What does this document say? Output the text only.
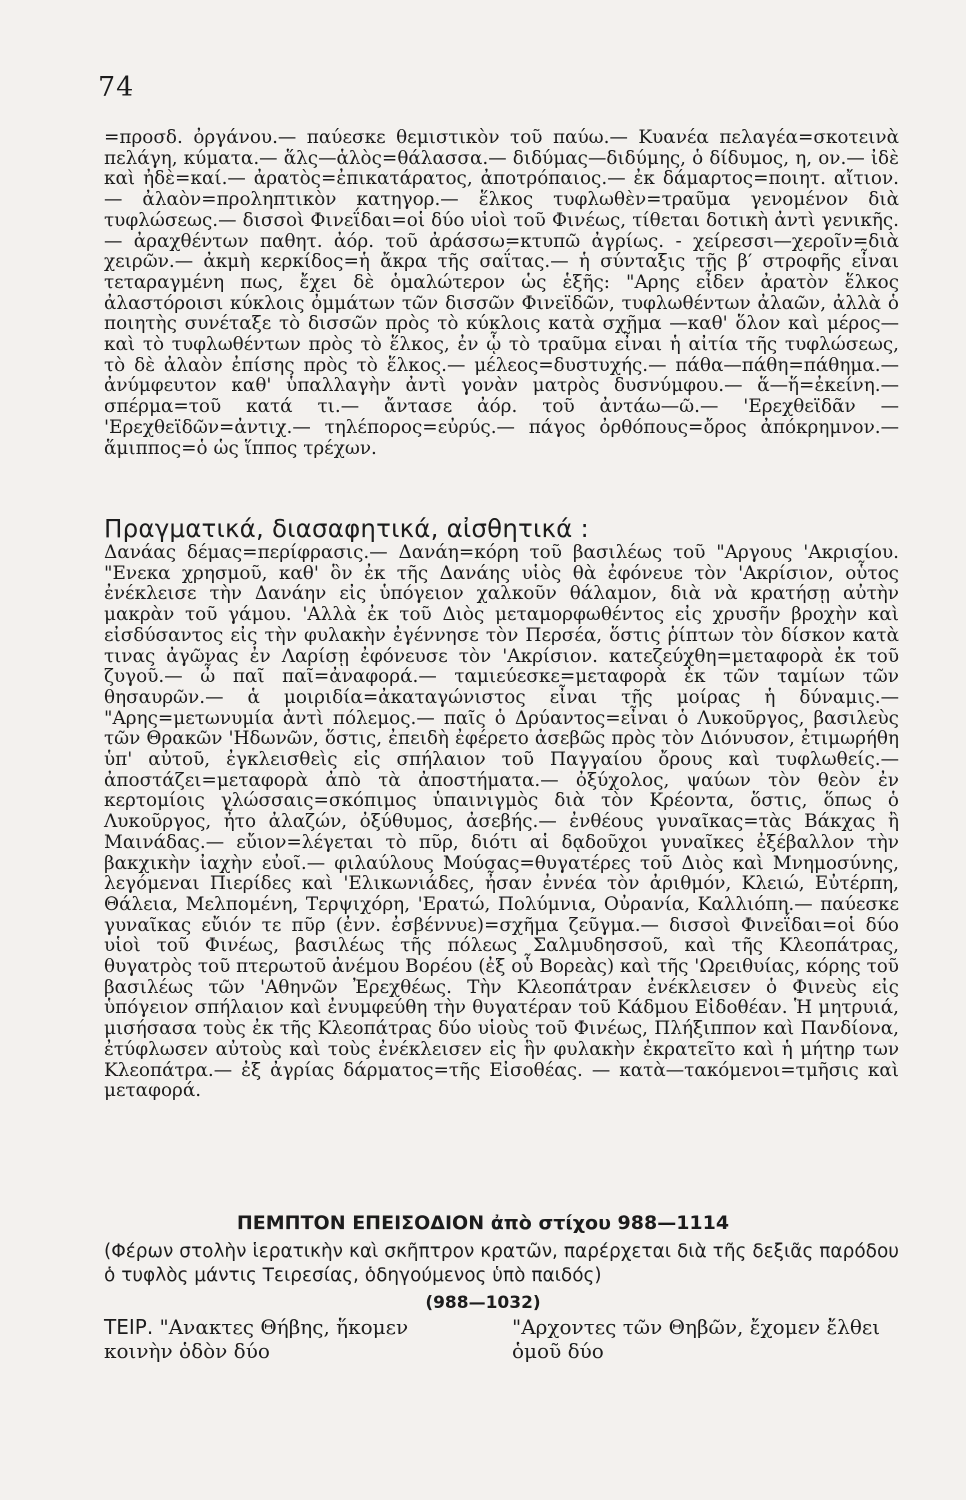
74

=προσδ. ὀργάνου.— παύεσκε θεμιστικὸν τοῦ παύω.— Κυανέα πελαγέα=σκοτεινὰ πελάγη, κύματα.— ἅλς—ἁλὸς=θάλασσα.— διδύμας—διδύμης, ὁ δίδυμος, η, ον.— ἰδὲ καὶ ἠδὲ=καί.— ἀρατὸς=ἐπικατάρατος, ἀποτρόπαιος.— ἐκ δάμαρτος=ποιητ. αἴτιον.— ἀλαὸν=προληπτικὸν κατηγορ.— ἕλκος τυφλωθὲν=τραῦμα γενομένον διὰ τυφλώσεως.— δισσοὶ Φινεΐδαι=οἱ δύο υἱοὶ τοῦ Φινέως, τίθεται δοτικὴ ἀντὶ γενικῆς.— ἀραχθέντων παθητ. ἀόρ. τοῦ ἀράσσω=κτυπῶ ἀγρίως. - χείρεσσι—χεροῖν=διὰ χειρῶν.— ἀκμὴ κερκίδος=ἡ ἄκρα τῆς σαΐτας.— ἡ σύνταξις τῆς β′ στροφῆς εἶναι τεταραγμένη πως, ἔχει δὲ ὁμαλώτερον ὡς ἑξῆς: "Αρης εἶδεν ἀρατὸν ἕλκος ἀλαστόροισι κύκλοις ὀμμάτων τῶν δισσῶν Φινεϊδῶν, τυφλωθέντων ἀλαῶν, ἀλλὰ ὁ ποιητὴς συνέταξε τὸ δισσῶν πρὸς τὸ κύκλοις κατὰ σχῆμα —καθ' ὅλον καὶ μέρος—καὶ τὸ τυφλωθέντων πρὸς τὸ ἕλκος, ἐν ᾧ τὸ τραῦμα εἶναι ἡ αἰτία τῆς τυφλώσεως, τὸ δὲ ἀλαὸν ἐπίσης πρὸς τὸ ἕλκος.— μέλεος=δυστυχής.— πάθα—πάθη=πάθημα.— ἀνύμφευτον καθ' ὑπαλλαγὴν ἀντὶ γονὰν ματρὸς δυσνύμφου.— ἅ—ἥ=ἐκείνη.— σπέρμα=τοῦ κατά τι.— ἄντασε ἀόρ. τοῦ ἀντάω—ῶ.— 'Ερεχθεϊδᾶν — 'Ερεχθεϊδῶν=ἀντιχ.— τηλέπορος=εὐρύς.— πάγος ὀρθόπους=ὄρος ἀπόκρημνον.—ἅμιππος=ὁ ὡς ἵππος τρέχων.

Πραγματικά, διασαφητικά, αἰσθητικά :

Δανάας δέμας=περίφρασις.— Δανάη=κόρη τοῦ βασιλέως τοῦ "Αργους 'Ακρισίου. "Ενεκα χρησμοῦ, καθ' ὃν ἐκ τῆς Δανάης υἱὸς θὰ ἐφόνευε τὸν 'Ακρίσιον, οὗτος ἐνέκλεισε τὴν Δανάην εἰς ὑπόγειον χαλκοῦν θάλαμον, διὰ νὰ κρατήσῃ αὐτὴν μακρὰν τοῦ γάμου. 'Αλλὰ ἐκ τοῦ Διὸς μεταμορφωθέντος εἰς χρυσῆν βροχὴν καὶ εἰσδύσαντος εἰς τὴν φυλακὴν ἐγέννησε τὸν Περσέα, ὅστις ῥίπτων τὸν δίσκον κατὰ τινας ἀγῶνας ἐν Λαρίσῃ ἐφόνευσε τὸν 'Ακρίσιον. κατεζεύχθη=μεταφορὰ ἐκ τοῦ ζυγοῦ.— ὦ παῖ παῖ=ἀναφορά.— ταμιεύεσκε=μεταφορὰ ἐκ τῶν ταμίων τῶν θησαυρῶν.— ἁ μοιριδία=ἀκαταγώνιστος εἶναι τῆς μοίρας ἡ δύναμις.— "Αρης=μετωνυμία ἀντὶ πόλεμος.— παῖς ὁ Δρύαντος=εἶναι ὁ Λυκοῦργος, βασιλεὺς τῶν Θρακῶν 'Ηδωνῶν, ὅστις, ἐπειδὴ ἐφέρετο ἀσεβῶς πρὸς τὸν Διόνυσον, ἐτιμωρήθη ὑπ' αὐτοῦ, ἐγκλεισθεὶς εἰς σπήλαιον τοῦ Παγγαίου ὄρους καὶ τυφλωθείς.— ἀποστάζει=μεταφορὰ ἀπὸ τὰ ἀποστήματα.— ὀξύχολος, ψαύων τὸν θεὸν ἐν κερτομίοις γλώσσαις=σκόπιμος ὑπαινιγμὸς διὰ τὸν Κρέοντα, ὅστις, ὅπως ὁ Λυκοῦργος, ἦτο ἀλαζών, ὀξύθυμος, ἀσεβής.— ἐνθέους γυναῖκας=τὰς Βάκχας ἢ Μαινάδας.— εὔιον=λέγεται τὸ πῦρ, διότι αἱ δᾳδοῦχοι γυναῖκες ἐξέβαλλον τὴν βακχικὴν ἰαχὴν εὐοῖ.— φιλαύλους Μούσας=θυγατέρες τοῦ Διὸς καὶ Μνημοσύνης, λεγόμεναι Πιερίδες καὶ 'Ελικωνιάδες, ἦσαν ἐννέα τὸν ἀριθμόν, Κλειώ, Εὐτέρπη, Θάλεια, Μελπομένη, Τερψιχόρη, 'Ερατώ, Πολύμνια, Οὐρανία, Καλλιόπη.— παύεσκε γυναῖκας εὔιόν τε πῦρ (ἐνν. ἐσβέννυε)=σχῆμα ζεῦγμα.— δισσοὶ Φινεΐδαι=οἱ δύο υἱοὶ τοῦ Φινέως, βασιλέως τῆς πόλεως Σαλμυδησσοῦ, καὶ τῆς Κλεοπάτρας, θυγατρὸς τοῦ πτερωτοῦ ἀνέμου Βορέου (ἐξ οὗ Βορεὰς) καὶ τῆς 'Ωρειθυίας, κόρης τοῦ βασιλέως τῶν 'Αθηνῶν Ἐρεχθέως. Τὴν Κλεοπάτραν ἐνέκλεισεν ὁ Φινεὺς εἰς ὑπόγειον σπήλαιον καὶ ἐνυμφεύθη τὴν θυγατέραν τοῦ Κάδμου Εἰδοθέαν. Ἡ μητρυιά, μισήσασα τοὺς ἐκ τῆς Κλεοπάτρας δύο υἱοὺς τοῦ Φινέως, Πλήξιππον καὶ Πανδίονα, ἐτύφλωσεν αὐτοὺς καὶ τοὺς ἐνέκλεισεν εἰς ἣν φυλακὴν ἐκρατεῖτο καὶ ἡ μήτηρ των Κλεοπάτρα.— ἐξ ἀγρίας δάρματος=τῆς Εἰσοθέας. — κατὰ—τακόμενοι=τμῆσις καὶ μεταφορά.

ΠΕΜΠΤΟΝ ΕΠΕΙΣΟΔΙΟΝ ἀπὸ στίχου 988—1114
(Φέρων στολὴν ἱερατικὴν καὶ σκῆπτρον κρατῶν, παρέρχεται διὰ τῆς δεξιᾶς παρόδου ὁ τυφλὸς μάντις Τειρεσίας, ὁδηγούμενος ὑπὸ παιδός)
(988—1032)
ΤΕΙΡ. "Ανακτες Θήβης, ἥκομεν
κοινὴν ὁδὸν δύο
"Αρχοντες τῶν Θηβῶν, ἔχομεν ἔλθει
ὁμοῦ δύο
